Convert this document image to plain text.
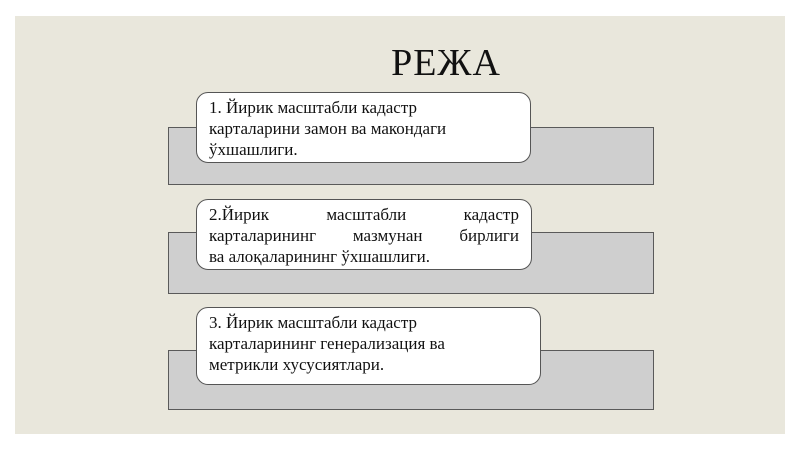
РЕЖА
1. Йирик масштабли кадастр
карталарини замон ва макондаги
ўхшашлиги.
2.Йирик масштабли кадастр
карталарининг мазмунан бирлиги
ва алоқаларининг ўхшашлиги.
3. Йирик масштабли кадастр
карталарининг генерализация ва
метрикли хусусиятлари.
